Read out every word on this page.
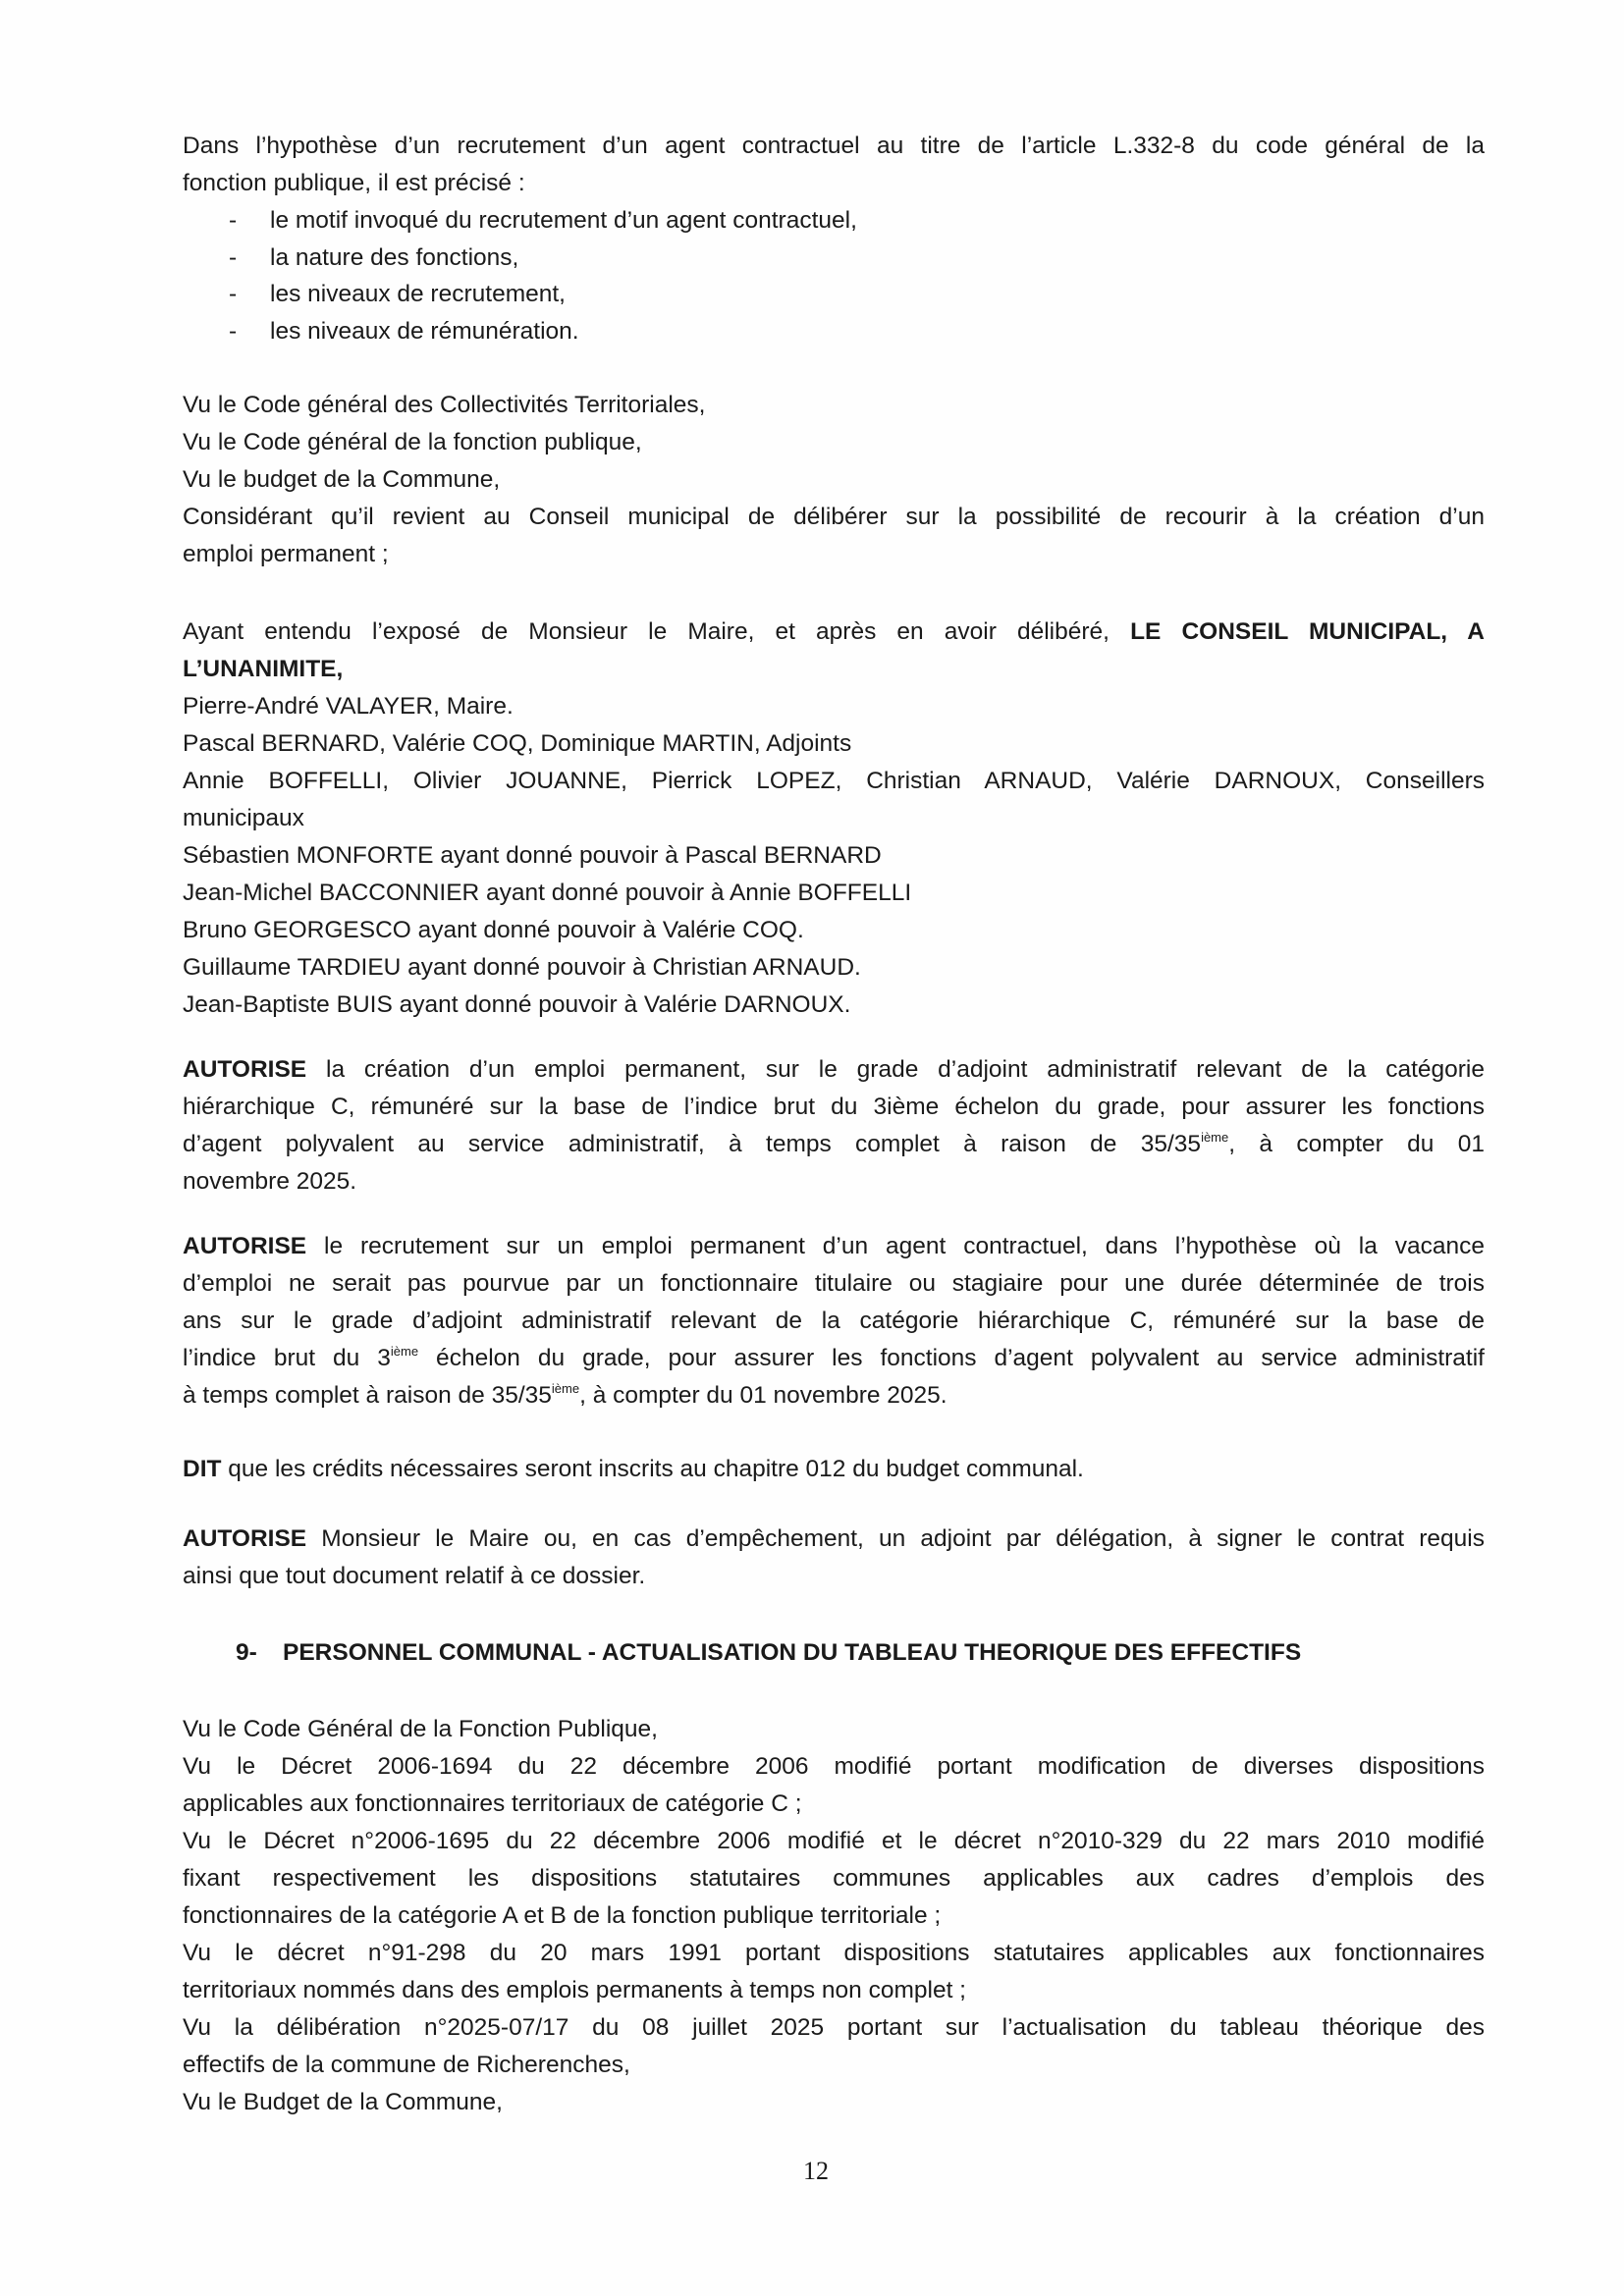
Dans l’hypothèse d’un recrutement d’un agent contractuel au titre de l’article L.332-8 du code général de la
fonction publique, il est précisé :
- le motif invoqué du recrutement d’un agent contractuel,
- la nature des fonctions,
- les niveaux de recrutement,
- les niveaux de rémunération.
Vu le Code général des Collectivités Territoriales,
Vu le Code général de la fonction publique,
Vu le budget de la Commune,
Considérant qu’il revient au Conseil municipal de délibérer sur la possibilité de recourir à la création d’un
emploi permanent ;
Ayant entendu l’exposé de Monsieur le Maire, et après en avoir délibéré, LE CONSEIL MUNICIPAL, A
L’UNANIMITE,
Pierre-André VALAYER, Maire.
Pascal BERNARD, Valérie COQ, Dominique MARTIN, Adjoints
Annie BOFFELLI, Olivier JOUANNE, Pierrick LOPEZ, Christian ARNAUD, Valérie DARNOUX, Conseillers
municipaux
Sébastien MONFORTE ayant donné pouvoir à Pascal BERNARD
Jean-Michel BACCONNIER ayant donné pouvoir à Annie BOFFELLI
Bruno GEORGESCO ayant donné pouvoir à Valérie COQ.
Guillaume TARDIEU ayant donné pouvoir à Christian ARNAUD.
Jean-Baptiste BUIS ayant donné pouvoir à Valérie DARNOUX.
AUTORISE la création d’un emploi permanent, sur le grade d’adjoint administratif relevant de la catégorie
hiérarchique C, rémunéré sur la base de l’indice brut du 3ième échelon du grade, pour assurer les fonctions
d’agent polyvalent au service administratif, à temps complet à raison de 35/35ième, à compter du 01
novembre 2025.
AUTORISE le recrutement sur un emploi permanent d’un agent contractuel, dans l’hypothèse où la vacance
d’emploi ne serait pas pourvue par un fonctionnaire titulaire ou stagiaire pour une durée déterminée de trois
ans sur le grade d’adjoint administratif relevant de la catégorie hiérarchique C, rémunéré sur la base de
l’indice brut du 3ième échelon du grade, pour assurer les fonctions d’agent polyvalent au service administratif
à temps complet à raison de 35/35ième, à compter du 01 novembre 2025.
DIT que les crédits nécessaires seront inscrits au chapitre 012 du budget communal.
AUTORISE Monsieur le Maire ou, en cas d’empêchement, un adjoint par délégation, à signer le contrat requis
ainsi que tout document relatif à ce dossier.
9- PERSONNEL COMMUNAL - ACTUALISATION DU TABLEAU THEORIQUE DES EFFECTIFS
Vu le Code Général de la Fonction Publique,
Vu le Décret 2006-1694 du 22 décembre 2006 modifié portant modification de diverses dispositions
applicables aux fonctionnaires territoriaux de catégorie C ;
Vu le Décret n°2006-1695 du 22 décembre 2006 modifié et le décret n°2010-329 du 22 mars 2010 modifié
fixant respectivement les dispositions statutaires communes applicables aux cadres d’emplois des
fonctionnaires de la catégorie A et B de la fonction publique territoriale ;
Vu le décret n°91-298 du 20 mars 1991 portant dispositions statutaires applicables aux fonctionnaires
territoriaux nommés dans des emplois permanents à temps non complet ;
Vu la délibération n°2025-07/17 du 08 juillet 2025 portant sur l’actualisation du tableau théorique des
effectifs de la commune de Richerenches,
Vu le Budget de la Commune,
12
